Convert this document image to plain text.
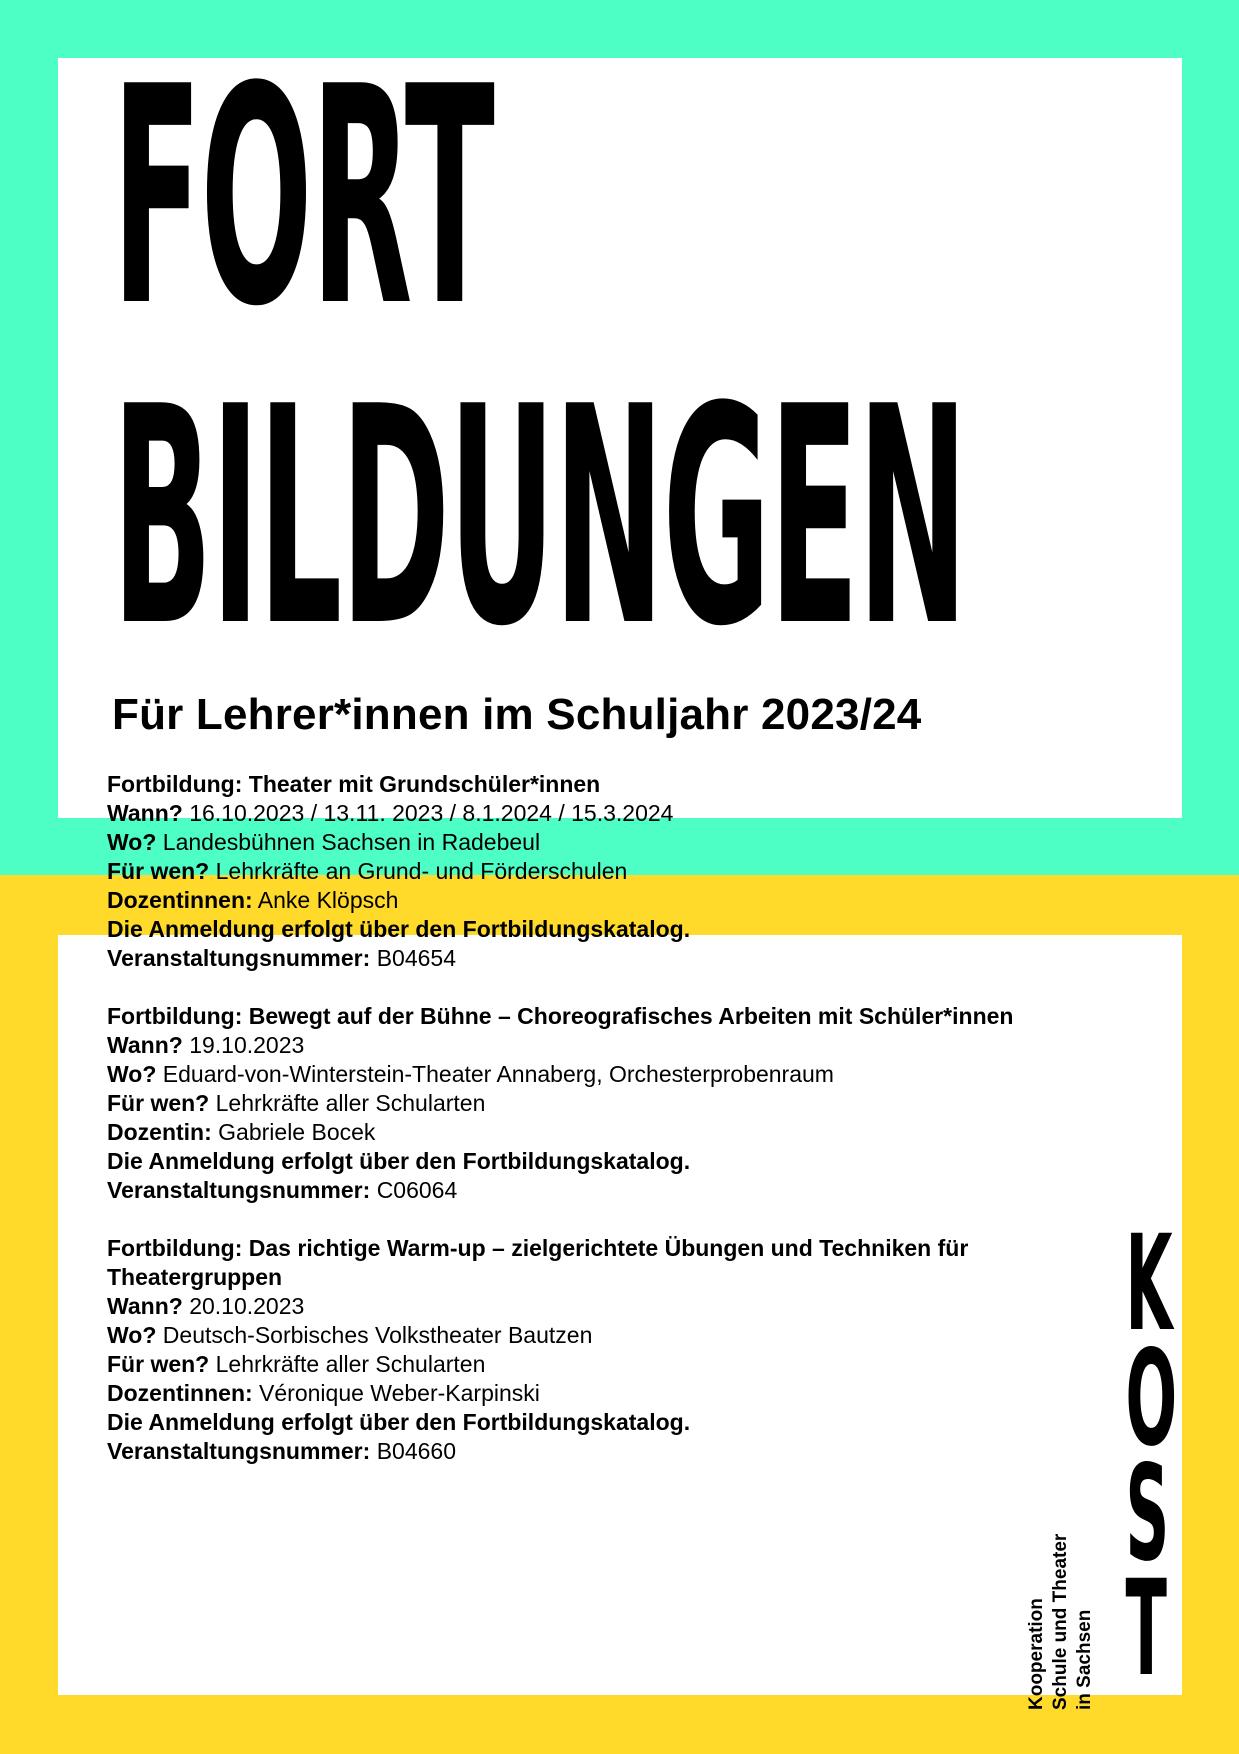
FORT
BILDUNGEN
Für Lehrer*innen im Schuljahr 2023/24
Fortbildung: Theater mit Grundschüler*innen
Wann? 16.10.2023 / 13.11. 2023 / 8.1.2024 / 15.3.2024
Wo? Landesbühnen Sachsen in Radebeul
Für wen? Lehrkräfte an Grund- und Förderschulen
Dozentinnen: Anke Klöpsch
Die Anmeldung erfolgt über den Fortbildungskatalog.
Veranstaltungsnummer: B04654
Fortbildung: Bewegt auf der Bühne – Choreografisches Arbeiten mit Schüler*innen
Wann? 19.10.2023
Wo? Eduard-von-Winterstein-Theater Annaberg, Orchesterprobenraum
Für wen? Lehrkräfte aller Schularten
Dozentin: Gabriele Bocek
Die Anmeldung erfolgt über den Fortbildungskatalog.
Veranstaltungsnummer: C06064
Fortbildung: Das richtige Warm-up – zielgerichtete Übungen und Techniken für Theatergruppen
Wann? 20.10.2023
Wo? Deutsch-Sorbisches Volkstheater Bautzen
Für wen? Lehrkräfte aller Schularten
Dozentinnen: Véronique Weber-Karpinski
Die Anmeldung erfolgt über den Fortbildungskatalog.
Veranstaltungsnummer: B04660
K
O
S
T
Kooperation Schule und Theater in Sachsen
